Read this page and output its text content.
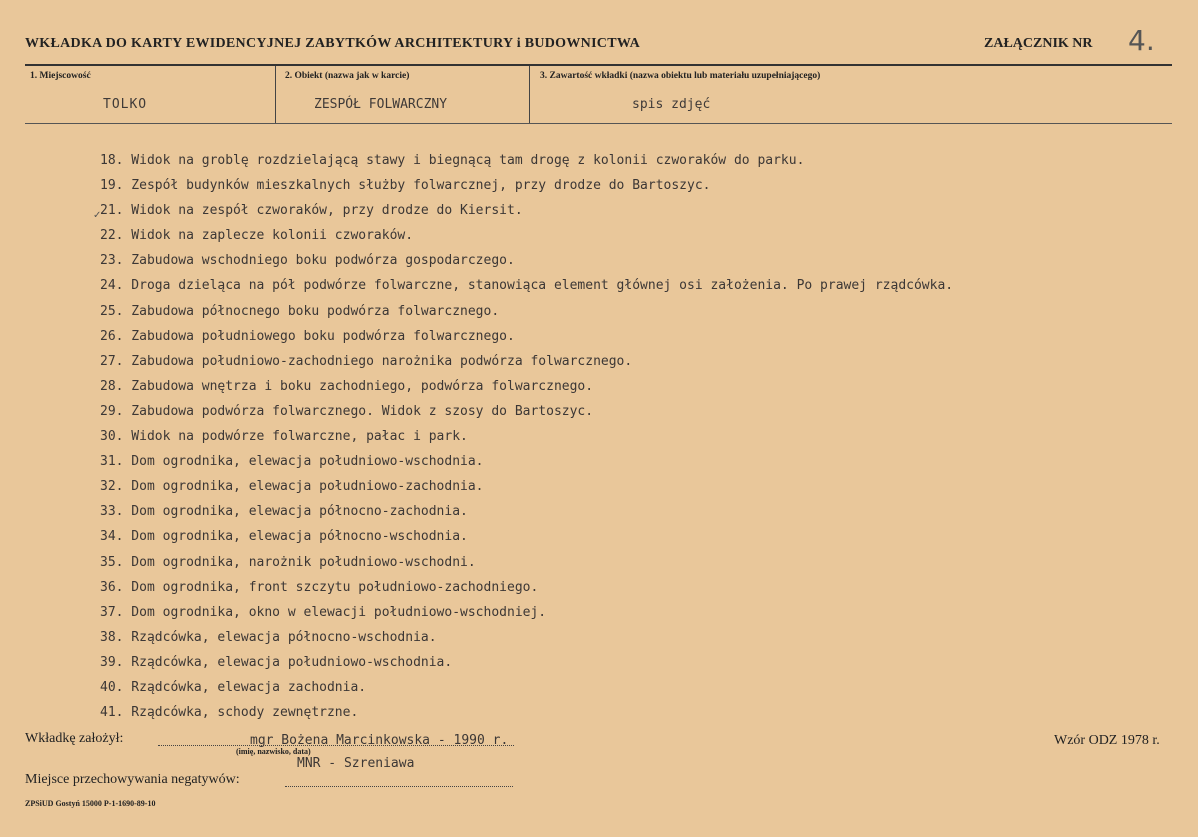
WKŁADKA DO KARTY EWIDENCYJNEJ ZABYTKÓW ARCHITEKTURY i BUDOWNICTWA	ZAŁĄCZNIK NR 4.
1. Miejscowość
TOLKO
2. Obiekt (nazwa jak w karcie)
ZESPÓŁ FOLWARCZNY
3. Zawartość wkładki (nazwa obiektu lub materiału uzupełniającego)
spis zdjęć
✓
18. Widok na groblę rozdzielającą stawy i biegnącą tam drogę z kolonii czworaków do parku.
19. Zespół budynków mieszkalnych służby folwarcznej, przy drodze do Bartoszyc.
21. Widok na zespół czworaków, przy drodze do Kiersit.
22. Widok na zaplecze kolonii czworaków.
23. Zabudowa wschodniego boku podwórza gospodarczego.
24. Droga dzieląca na pół podwórze folwarczne, stanowiąca element głównej osi założenia. Po prawej rządcówka.
25. Zabudowa północnego boku podwórza folwarcznego.
26. Zabudowa południowego boku podwórza folwarcznego.
27. Zabudowa południowo-zachodniego narożnika podwórza folwarcznego.
28. Zabudowa wnętrza i boku zachodniego, podwórza folwarcznego.
29. Zabudowa podwórza folwarcznego. Widok z szosy do Bartoszyc.
30. Widok na podwórze folwarczne, pałac i park.
31. Dom ogrodnika, elewacja południowo-wschodnia.
32. Dom ogrodnika, elewacja południowo-zachodnia.
33. Dom ogrodnika, elewacja północno-zachodnia.
34. Dom ogrodnika, elewacja północno-wschodnia.
35. Dom ogrodnika, narożnik południowo-wschodni.
36. Dom ogrodnika, front szczytu południowo-zachodniego.
37. Dom ogrodnika, okno w elewacji południowo-wschodniej.
38. Rządcówka, elewacja północno-wschodnia.
39. Rządcówka, elewacja południowo-wschodnia.
40. Rządcówka, elewacja zachodnia.
41. Rządcówka, schody zewnętrzne.
Wkładkę założył:	mgr Bożena Marcinkowska - 1990 r.
(imię, nazwisko, data)
Wzór ODZ 1978 r.
MNR - Szreniawa
Miejsce przechowywania negatywów:
ZPSiUD Gostyń 15000 P-1-1690-89-10
